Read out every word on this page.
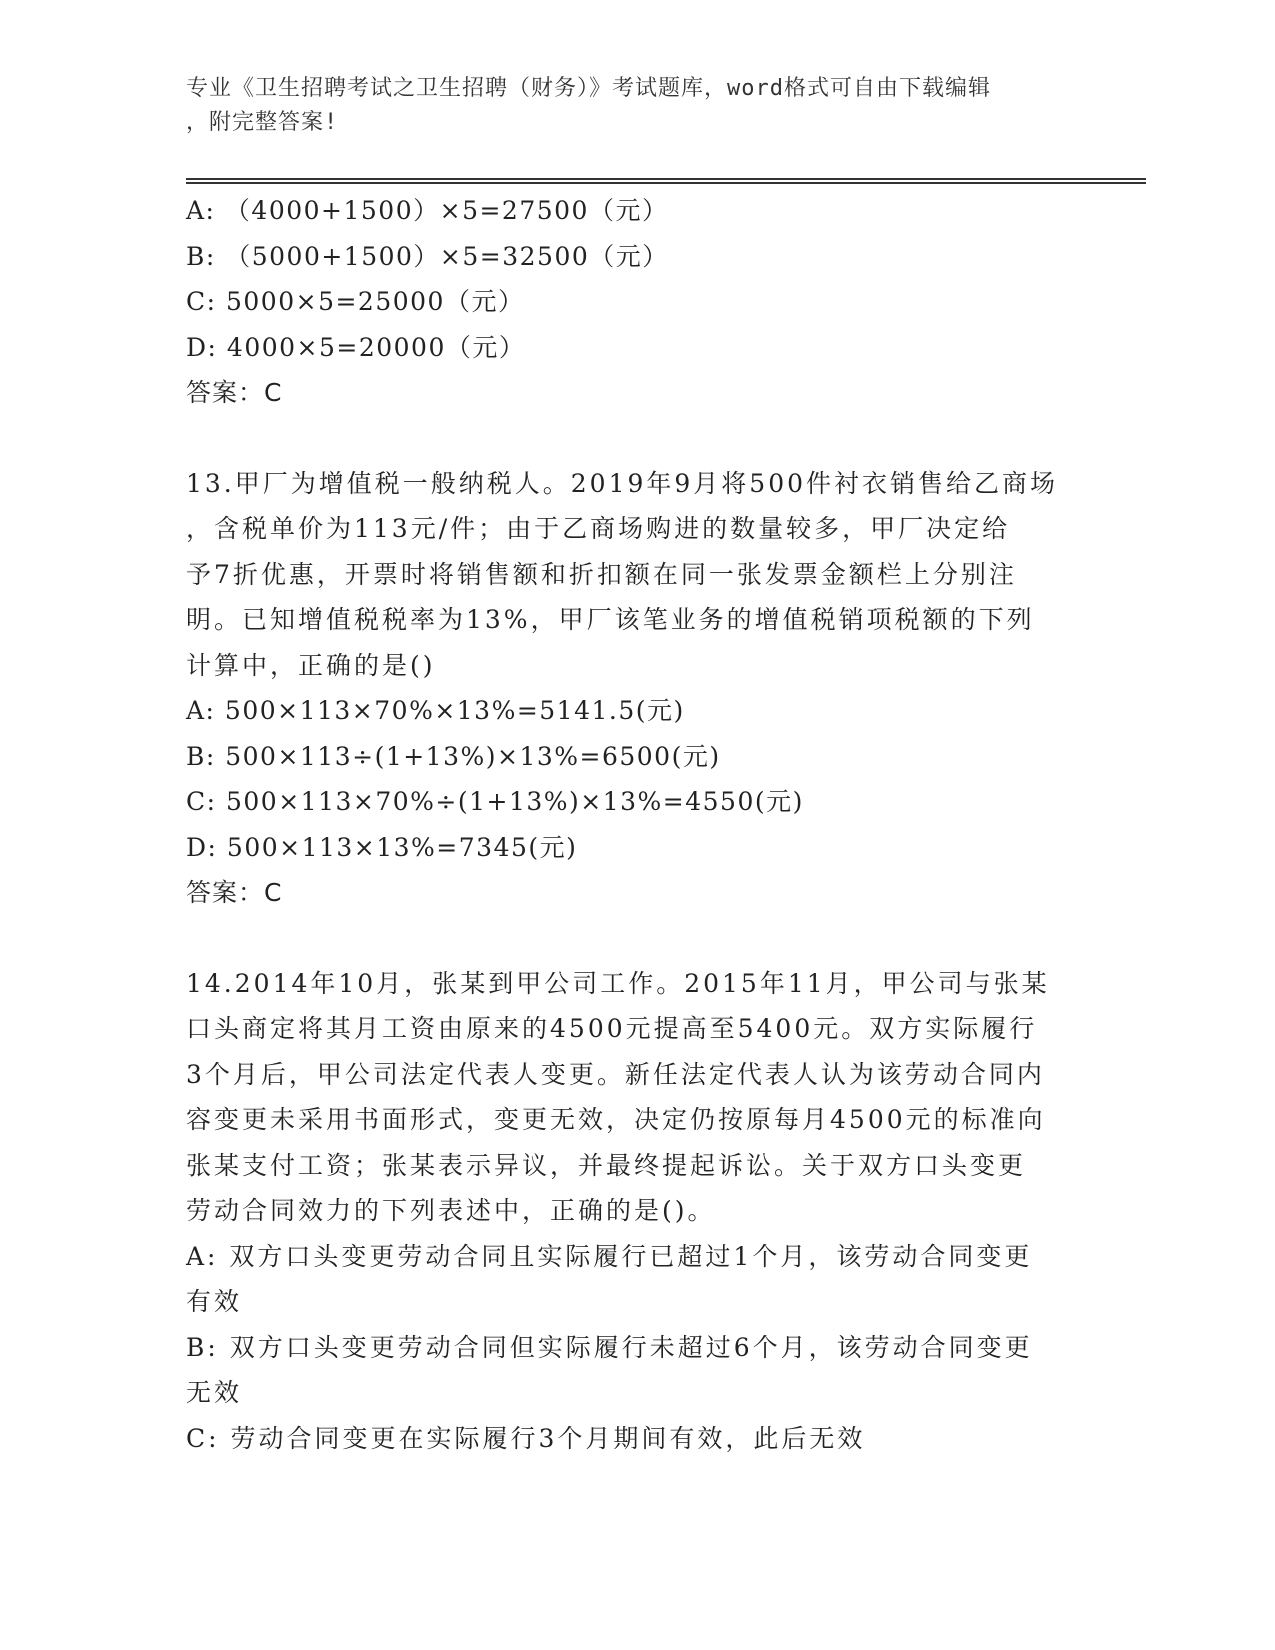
专业《卫生招聘考试之卫生招聘（财务）》考试题库，word格式可自由下载编辑
，附完整答案!
A: （4000+1500）×5=27500（元）
B: （5000+1500）×5=32500（元）
C: 5000×5=25000（元）
D: 4000×5=20000（元）
答案：C
13.甲厂为增值税一般纳税人。2019年9月将500件衬衣销售给乙商场
，含税单价为113元/件；由于乙商场购进的数量较多，甲厂决定给
予7折优惠，开票时将销售额和折扣额在同一张发票金额栏上分别注
明。已知增值税税率为13%，甲厂该笔业务的增值税销项税额的下列
计算中，正确的是()
A: 500×113×70%×13%=5141.5(元)
B: 500×113÷(1+13%)×13%=6500(元)
C: 500×113×70%÷(1+13%)×13%=4550(元)
D: 500×113×13%=7345(元)
答案：C
14.2014年10月，张某到甲公司工作。2015年11月，甲公司与张某
口头商定将其月工资由原来的4500元提高至5400元。双方实际履行
3个月后，甲公司法定代表人变更。新任法定代表人认为该劳动合同内
容变更未采用书面形式，变更无效，决定仍按原每月4500元的标准向
张某支付工资；张某表示异议，并最终提起诉讼。关于双方口头变更
劳动合同效力的下列表述中，正确的是()。
A: 双方口头变更劳动合同且实际履行已超过1个月，该劳动合同变更
有效
B: 双方口头变更劳动合同但实际履行未超过6个月，该劳动合同变更
无效
C: 劳动合同变更在实际履行3个月期间有效，此后无效
